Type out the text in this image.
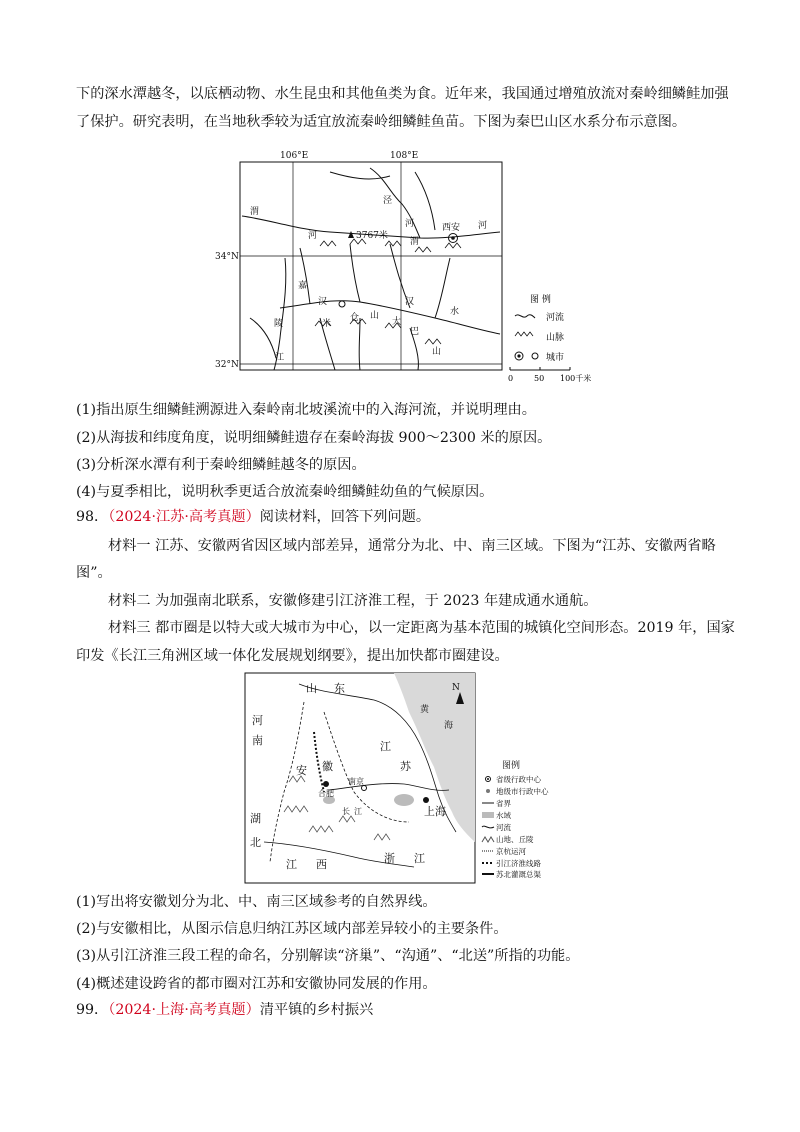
下的深水潭越冬，以底栖动物、水生昆虫和其他鱼类为食。近年来，我国通过增殖放流对秦岭细鳞鲑加强
了保护。研究表明，在当地秋季较为适宜放流秦岭细鳞鲑鱼苗。下图为秦巴山区水系分布示意图。
106°E	108°E
34°N
32°N
泾
河	西安 河
渭
渭
河	3767米
嘉
汉	汉
陵	米
仓 山
大
巴
山
江
水
图 例
河流
山脉
城市
0	50 100千米
(1)指出原生细鳞鲑溯源进入秦岭南北坡溪流中的入海河流，并说明理由。
(2)从海拔和纬度角度，说明细鳞鲑遗存在秦岭海拔 900～2300 米的原因。
(3)分析深水潭有利于秦岭细鳞鲑越冬的原因。
(4)与夏季相比，说明秋季更适合放流秦岭细鳞鲑幼鱼的气候原因。
98．（2024·江苏·高考真题）阅读材料，回答下列问题。
材料一 江苏、安徽两省因区域内部差异，通常分为北、中、南三区域。下图为“江苏、安徽两省略
图”。
材料二 为加强南北联系，安徽修建引江济淮工程，于 2023 年建成通水通航。
材料三 都市圈是以特大或大城市为中心，以一定距离为基本范围的城镇化空间形态。2019 年，国家
印发《长江三角洲区域一体化发展规划纲要》，提出加快都市圈建设。
山 东
河
南
安 徽
合肥
江
苏
南京
上海
湖
北
江 西	浙 江
黄
海
长 江
N
图例
省级行政中心
地级市行政中心
省界
水域
河流
山地、丘陵
京杭运河
引江济淮线路
苏北灌溉总渠
(1)写出将安徽划分为北、中、南三区域参考的自然界线。
(2)与安徽相比，从图示信息归纳江苏区域内部差异较小的主要条件。
(3)从引江济淮三段工程的命名，分别解读“济巢”、“沟通”、“北送”所指的功能。
(4)概述建设跨省的都市圈对江苏和安徽协同发展的作用。
99．（2024·上海·高考真题）清平镇的乡村振兴
